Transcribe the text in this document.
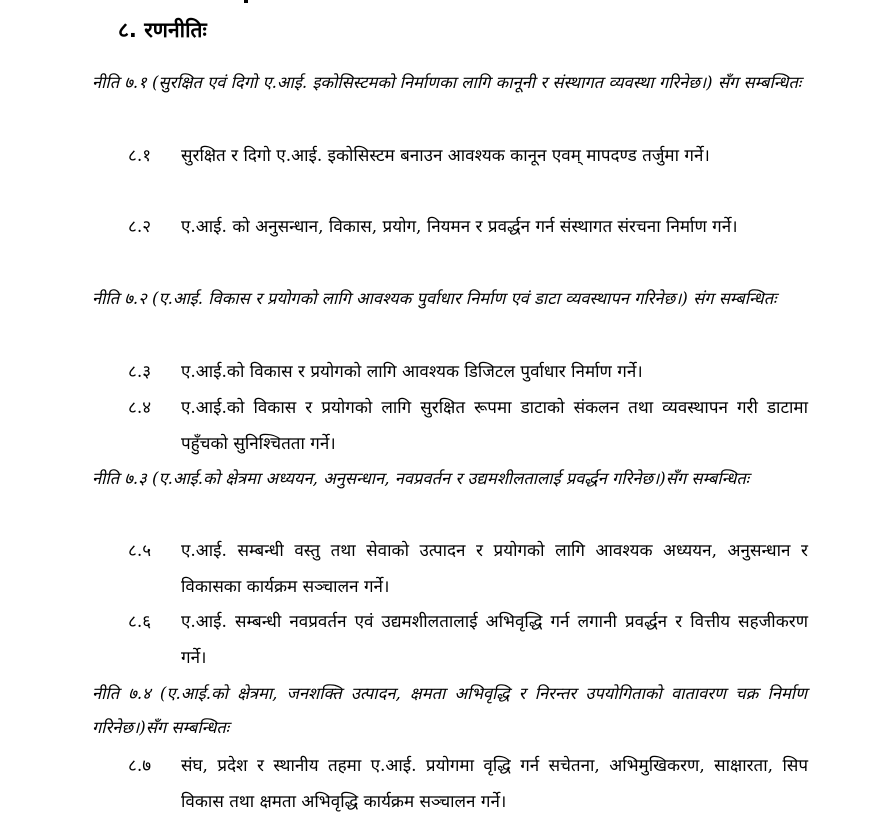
८. रणनीतिः
नीति ७.१ (सुरक्षित एवं दिगो ए.आई. इकोसिस्टमको निर्माणका लागि कानूनी र संस्थागत व्यवस्था गरिनेछ।) सँग सम्बन्धितः
८.१	सुरक्षित र दिगो ए.आई. इकोसिस्टम बनाउन आवश्यक कानून एवम् मापदण्ड तर्जुमा गर्ने।
८.२	ए.आई. को अनुसन्धान, विकास, प्रयोग, नियमन र प्रवर्द्धन गर्न संस्थागत संरचना निर्माण गर्ने।
नीति ७.२ (ए.आई. विकास र प्रयोगको लागि आवश्यक पुर्वाधार निर्माण एवं डाटा व्यवस्थापन गरिनेछ।) संग सम्बन्धितः
८.३	ए.आई.को विकास र प्रयोगको लागि आवश्यक डिजिटल पुर्वाधार निर्माण गर्ने।
८.४	ए.आई.को विकास र प्रयोगको लागि सुरक्षित रूपमा डाटाको संकलन तथा व्यवस्थापन गरी डाटामा पहुँचको सुनिश्चितता गर्ने।
नीति ७.३ (ए.आई.को क्षेत्रमा अध्ययन, अनुसन्धान, नवप्रवर्तन र उद्यमशीलतालाई प्रवर्द्धन गरिनेछ।)सँग सम्बन्धितः
८.५	ए.आई. सम्बन्धी वस्तु तथा सेवाको उत्पादन र प्रयोगको लागि आवश्यक अध्ययन, अनुसन्धान र विकासका कार्यक्रम सञ्चालन गर्ने।
८.६	ए.आई. सम्बन्धी नवप्रवर्तन एवं उद्यमशीलतालाई अभिवृद्धि गर्न लगानी प्रवर्द्धन र वित्तीय सहजीकरण गर्ने।
नीति ७.४ (ए.आई.को क्षेत्रमा, जनशक्ति उत्पादन, क्षमता अभिवृद्धि र निरन्तर उपयोगिताको वातावरण चक्र निर्माण गरिनेछ।)सँग सम्बन्धितः
८.७	संघ, प्रदेश र स्थानीय तहमा ए.आई. प्रयोगमा वृद्धि गर्न सचेतना, अभिमुखिकरण, साक्षारता, सिप विकास तथा क्षमता अभिवृद्धि कार्यक्रम सञ्चालन गर्ने।
